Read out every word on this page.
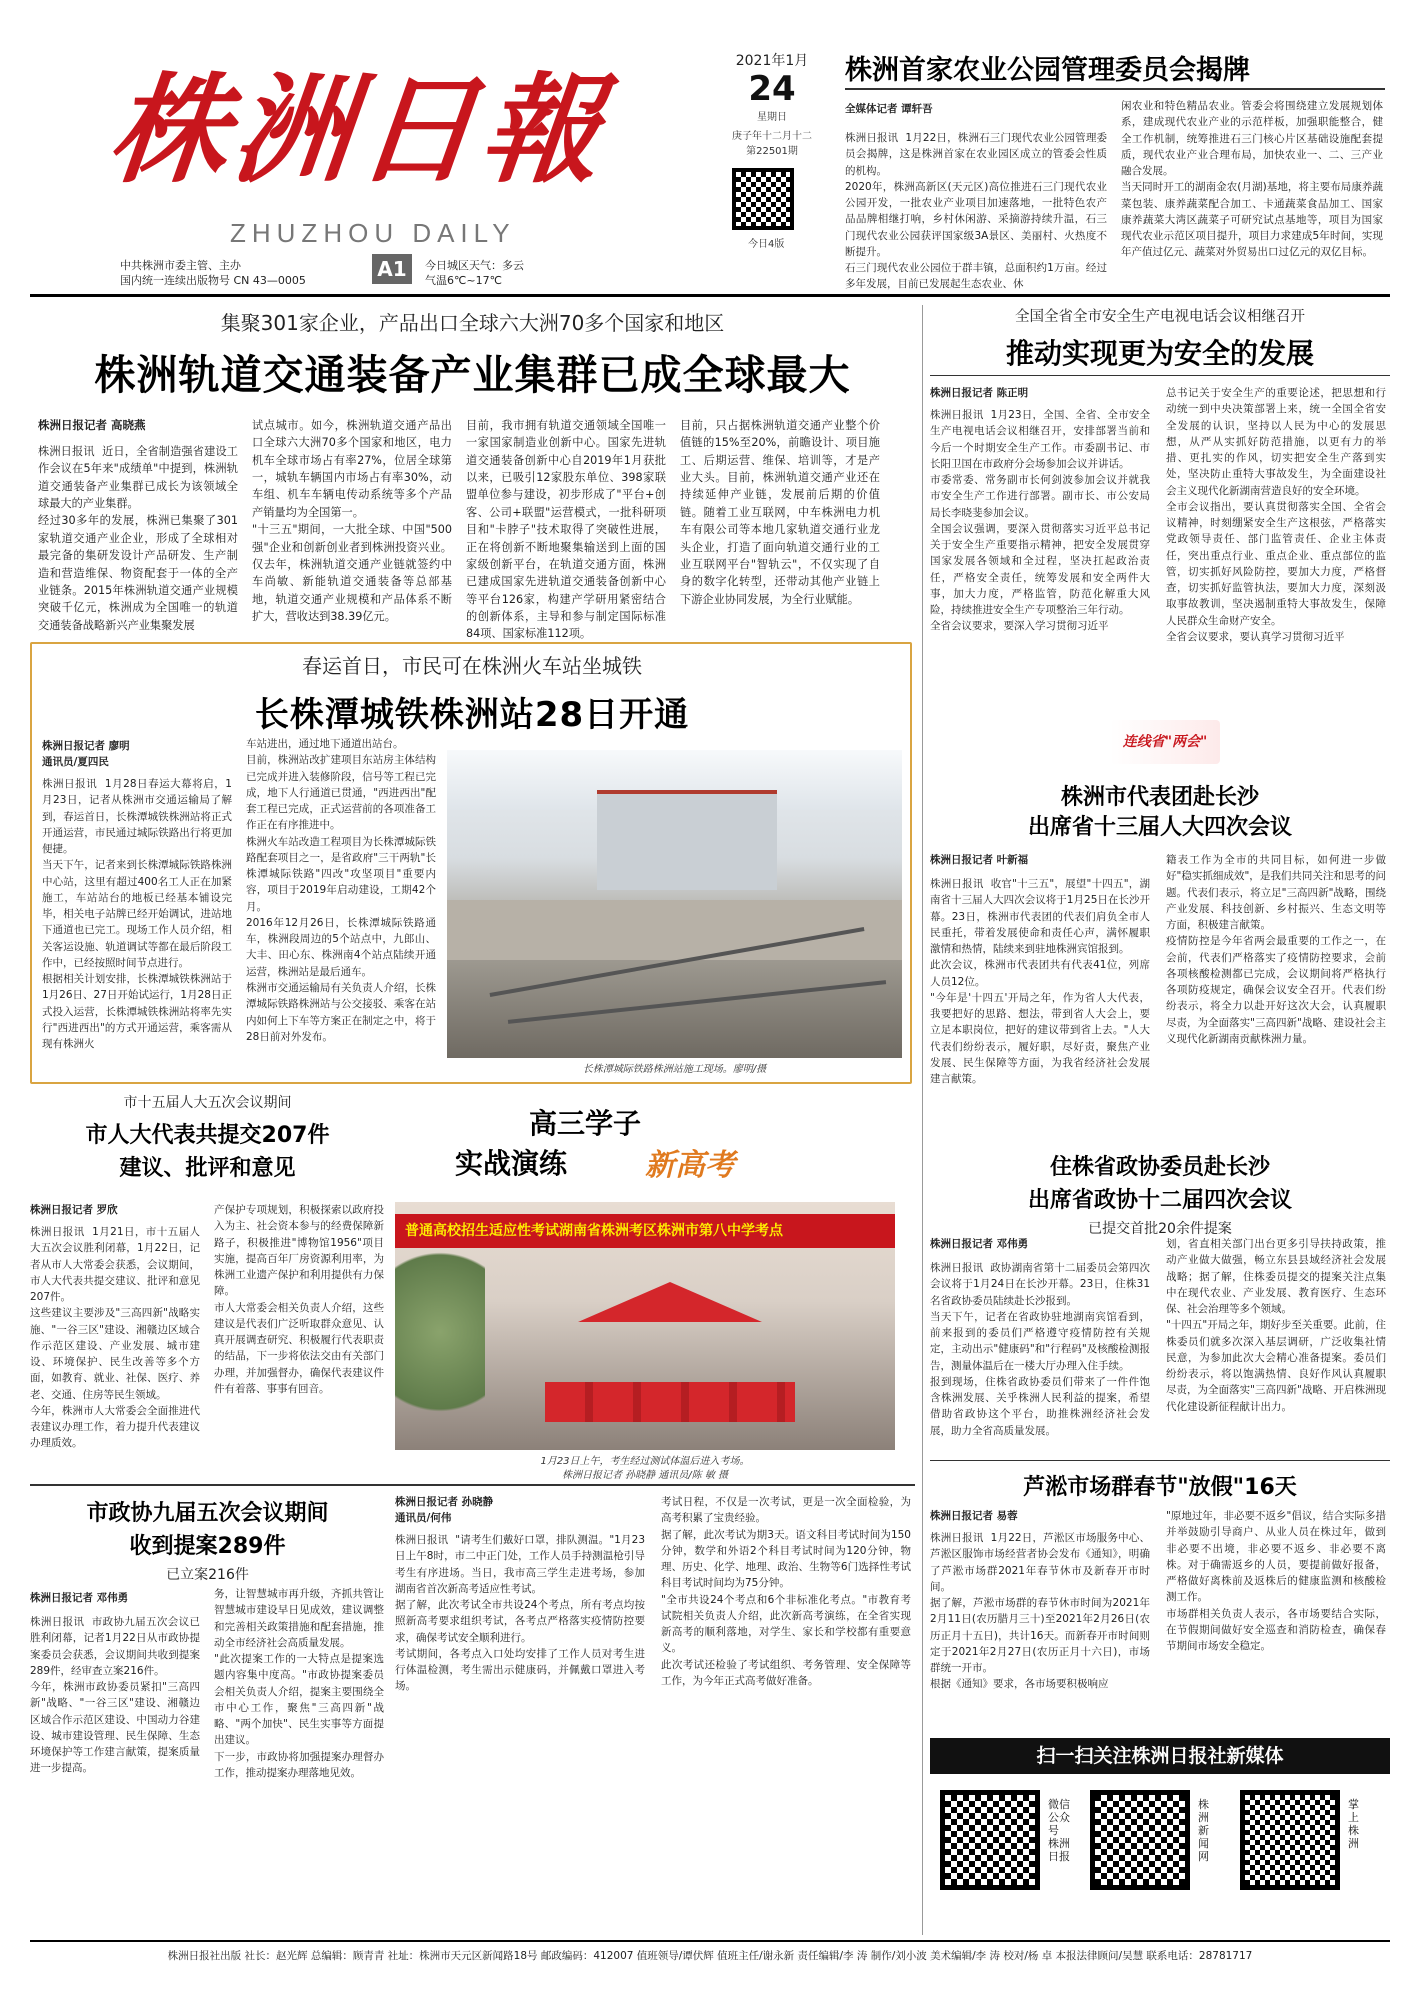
株洲日報
ZHUZHOU DAILY
中共株洲市委主管、主办
国内统一连续出版物号 CN 43—0005	A1	今日城区天气：多云
气温6℃~17℃
2021年1月
24
星期日
庚子年十二月十二
第22501期
今日4版
株洲首家农业公园管理委员会揭牌
全媒体记者 谭轩吾
株洲日报讯  1月22日，株洲石三门现代农业公园管理委员会揭牌，这是株洲首家在农业园区成立的管委会性质的机构。
2020年，株洲高新区(天元区)高位推进石三门现代农业公园开发，一批农业产业项目加速落地，一批特色农产品品牌相继打响，乡村休闲游、采摘游持续升温，石三门现代农业公园获评国家级3A景区、美丽村、火热度不断提升。
石三门现代农业公园位于群丰镇，总面积约1万亩。经过多年发展，目前已发展起生态农业、休
闲农业和特色精品农业。管委会将围绕建立发展规划体系，建成现代农业产业的示范样板，加强职能整合，健全工作机制，统筹推进石三门核心片区基础设施配套提质，现代农业产业合理布局，加快农业一、二、三产业融合发展。
当天同时开工的湖南金农(月湖)基地，将主要布局康养蔬菜包装、康养蔬菜配合加工、卡通蔬菜食品加工、国家康养蔬菜大湾区蔬菜子可研究试点基地等，项目为国家现代农业示范区项目提升，项目力求建成5年时间，实现年产值过亿元、蔬菜对外贸易出口过亿元的双亿目标。
集聚301家企业，产品出口全球六大洲70多个国家和地区
株洲轨道交通装备产业集群已成全球最大
株洲日报记者 高晓燕
株洲日报讯  近日，全省制造强省建设工作会议在5年来"成绩单"中提到，株洲轨道交通装备产业集群已成长为该领域全球最大的产业集群。
经过30多年的发展，株洲已集聚了301家轨道交通产业企业，形成了全球相对最完备的集研发设计产品研发、生产制造和营造维保、物资配套于一体的全产业链条。2015年株洲轨道交通产业规模突破千亿元，株洲成为全国唯一的轨道交通装备战略新兴产业集聚发展
试点城市。如今，株洲轨道交通产品出口全球六大洲70多个国家和地区，电力机车全球市场占有率27%，位居全球第一，城轨车辆国内市场占有率30%，动车组、机车车辆电传动系统等多个产品产销量均为全国第一。
"十三五"期间，一大批全球、中国"500强"企业和创新创业者到株洲投资兴业。仅去年，株洲轨道交通产业链就签约中车尚敏、新能轨道交通装备等总部基地，轨道交通产业规模和产品体系不断扩大，营收达到38.39亿元。
目前，我市拥有轨道交通领域全国唯一一家国家制造业创新中心。国家先进轨道交通装备创新中心自2019年1月获批以来，已吸引12家股东单位、398家联盟单位参与建设，初步形成了"平台+创客、公司+联盟"运营模式，一批科研项目和"卡脖子"技术取得了突破性进展，正在将创新不断地聚集输送到上面的国家级创新平台，在轨道交通方面，株洲已建成国家先进轨道交通装备创新中心等平台126家，构建产学研用紧密结合的创新体系，主导和参与制定国际标准84项、国家标准112项。
目前，只占据株洲轨道交通产业整个价值链的15%至20%，前瞻设计、项目施工、后期运营、维保、培训等，才是产业大头。目前，株洲轨道交通产业还在持续延伸产业链，发展前后期的价值链。随着工业互联网，中车株洲电力机车有限公司等本地几家轨道交通行业龙头企业，打造了面向轨道交通行业的工业互联网平台"智轨云"，不仅实现了自身的数字化转型，还带动其他产业链上下游企业协同发展，为全行业赋能。
全国全省全市安全生产电视电话会议相继召开
推动实现更为安全的发展
株洲日报记者 陈正明
株洲日报讯  1月23日，全国、全省、全市安全生产电视电话会议相继召开，安排部署当前和今后一个时期安全生产工作。市委副书记、市长阳卫国在市政府分会场参加会议并讲话。
市委常委、常务副市长何剑波参加会议并就我市安全生产工作进行部署。副市长、市公安局局长李晓斐参加会议。
全国会议强调，要深入贯彻落实习近平总书记关于安全生产重要指示精神，把安全发展贯穿国家发展各领域和全过程，坚决扛起政治责任，严格安全责任，统筹发展和安全两件大事，加大力度，严格监管，防范化解重大风险，持续推进安全生产专项整治三年行动。
全省会议要求，要深入学习贯彻习近平
总书记关于安全生产的重要论述，把思想和行动统一到中央决策部署上来，统一全国全省安全发展的认识，坚持以人民为中心的发展思想，从严从实抓好防范措施，以更有力的举措、更扎实的作风，切实把安全生产落到实处，坚决防止重特大事故发生，为全面建设社会主义现代化新湖南营造良好的安全环境。
全市会议指出，要认真贯彻落实全国、全省会议精神，时刻绷紧安全生产这根弦，严格落实党政领导责任、部门监管责任、企业主体责任，突出重点行业、重点企业、重点部位的监管，切实抓好风险防控，要加大力度，严格督查，切实抓好监管执法，要加大力度，深刻汲取事故教训，坚决遏制重特大事故发生，保障人民群众生命财产安全。
全省会议要求，要认真学习贯彻习近平
春运首日，市民可在株洲火车站坐城铁
长株潭城铁株洲站28日开通
株洲日报记者 廖明
通讯员/夏四民
株洲日报讯  1月28日春运大幕将启，1月23日，记者从株洲市交通运输局了解到，春运首日，长株潭城铁株洲站将正式开通运营，市民通过城际铁路出行将更加便捷。
当天下午，记者来到长株潭城际铁路株洲中心站，这里有超过400名工人正在加紧施工，车站站台的地板已经基本铺设完毕，相关电子站牌已经开始调试，进站地下通道也已完工。现场工作人员介绍，相关客运设施、轨道调试等都在最后阶段工作中，已经按照时间节点进行。
根据相关计划安排，长株潭城铁株洲站于1月26日、27日开始试运行，1月28日正式投入运营，长株潭城铁株洲站将率先实行"西进西出"的方式开通运营，乘客需从现有株洲火
车站进出，通过地下通道出站台。
目前，株洲站改扩建项目东站房主体结构已完成并进入装修阶段，信号等工程已完成，地下人行通道已贯通，"西进西出"配套工程已完成，正式运营前的各项准备工作正在有序推进中。
株洲火车站改造工程项目为长株潭城际铁路配套项目之一，是省政府"三干两轨"长株潭城际铁路"四改"攻坚项目"重要内容，项目于2019年启动建设，工期42个月。
2016年12月26日，长株潭城际铁路通车，株洲段周边的5个站点中，九郎山、大丰、田心东、株洲南4个站点陆续开通运营，株洲站是最后通车。
株洲市交通运输局有关负责人介绍，长株潭城际铁路株洲站与公交接驳、乘客在站内如何上下车等方案正在制定之中，将于28日前对外发布。
长株潭城际铁路株洲站施工现场。廖明/摄
连线省"两会"
株洲市代表团赴长沙
出席省十三届人大四次会议
株洲日报记者 叶新福
株洲日报讯  收官"十三五"，展望"十四五"，湖南省十三届人大四次会议将于1月25日在长沙开幕。23日，株洲市代表团的代表们肩负全市人民重托，带着发展使命和责任心声，满怀履职激情和热情，陆续来到驻地株洲宾馆报到。
此次会议，株洲市代表团共有代表41位，列席人员12位。
"今年是'十四五'开局之年，作为省人大代表，我要把好的思路、想法，带到省人大会上，要立足本职岗位，把好的建议带到省上去。"人大代表们纷纷表示，履好职，尽好责，聚焦产业发展、民生保障等方面，为我省经济社会发展建言献策。
籍表工作为全市的共同目标，如何进一步做好"稳实抓细成效"，是我们共同关注和思考的问题。代表们表示，将立足"三高四新"战略，围绕产业发展、科技创新、乡村振兴、生态文明等方面，积极建言献策。
疫情防控是今年省两会最重要的工作之一，在会前，代表们严格落实了疫情防控要求，会前各项核酸检测都已完成，会议期间将严格执行各项防疫规定，确保会议安全召开。代表们纷纷表示，将全力以赴开好这次大会，认真履职尽责，为全面落实"三高四新"战略、建设社会主义现代化新湖南贡献株洲力量。
市十五届人大五次会议期间
市人大代表共提交207件
建议、批评和意见
株洲日报记者 罗欣
株洲日报讯  1月21日，市十五届人大五次会议胜利闭幕，1月22日，记者从市人大常委会获悉，会议期间，市人大代表共提交建议、批评和意见207件。
这些建议主要涉及"三高四新"战略实施、"一谷三区"建设、湘赣边区域合作示范区建设、产业发展、城市建设、环境保护、民生改善等多个方面，如教育、就业、社保、医疗、养老、交通、住房等民生领域。
今年，株洲市人大常委会全面推进代表建议办理工作，着力提升代表建议办理质效。
产保护专项规划，积极探索以政府投入为主、社会资本参与的经费保障新路子，积极推进"博物馆1956"项目实施，提高百年厂房资源利用率，为株洲工业遗产保护和利用提供有力保障。
市人大常委会相关负责人介绍，这些建议是代表们广泛听取群众意见、认真开展调查研究、积极履行代表职责的结晶，下一步将依法交由有关部门办理，并加强督办，确保代表建议件件有着落、事事有回音。
高三学子
实战演练	新高考
普通高校招生适应性考试湖南省株洲考区株洲市第八中学考点
1月23日上午，考生经过测试体温后进入考场。
株洲日报记者 孙晓静 通讯员/陈 敏 摄
住株省政协委员赴长沙
出席省政协十二届四次会议
已提交首批20余件提案
株洲日报记者 邓伟勇
株洲日报讯  政协湖南省第十二届委员会第四次会议将于1月24日在长沙开幕。23日，住株31名省政协委员陆续赴长沙报到。
当天下午，记者在省政协驻地湖南宾馆看到，前来报到的委员们严格遵守疫情防控有关规定，主动出示"健康码"和"行程码"及核酸检测报告，测量体温后在一楼大厅办理入住手续。
报到现场，住株省政协委员们带来了一件件饱含株洲发展、关乎株洲人民利益的提案，希望借助省政协这个平台，助推株洲经济社会发展，助力全省高质量发展。
划，省直相关部门出台更多引导扶持政策，推动产业做大做强，畅立东县县域经济社会发展战略；据了解，住株委员提交的提案关注点集中在现代农业、产业发展、教育医疗、生态环保、社会治理等多个领域。
"十四五"开局之年，期好步至关重要。此前，住株委员们就多次深入基层调研，广泛收集社情民意，为参加此次大会精心准备提案。委员们纷纷表示，将以饱满热情、良好作风认真履职尽责，为全面落实"三高四新"战略、开启株洲现代化建设新征程献计出力。
市政协九届五次会议期间
收到提案289件
已立案216件
株洲日报记者 邓伟勇
株洲日报讯  市政协九届五次会议已胜利闭幕，记者1月22日从市政协提案委员会获悉，会议期间共收到提案289件，经审查立案216件。
今年，株洲市政协委员紧扣"三高四新"战略、"一谷三区"建设、湘赣边区域合作示范区建设、中国动力谷建设、城市建设管理、民生保障、生态环境保护等工作建言献策，提案质量进一步提高。
务，让智慧城市再升级，齐抓共管让智慧城市建设早日见成效，建议调整和完善相关政策措施和配套措施，推动全市经济社会高质量发展。
"此次提案工作的一大特点是提案选题内容集中度高。"市政协提案委员会相关负责人介绍，提案主要围绕全市中心工作，聚焦"三高四新"战略、"两个加快"、民生实事等方面提出建议。
下一步，市政协将加强提案办理督办工作，推动提案办理落地见效。
株洲日报记者 孙晓静
通讯员/何伟
株洲日报讯  "请考生们戴好口罩，排队测温。"1月23日上午8时，市二中正门处，工作人员手持测温枪引导考生有序进场。当日，我市高三学生走进考场，参加湖南省首次新高考适应性考试。
据了解，此次考试全市共设24个考点，所有考点均按照新高考要求组织考试，各考点严格落实疫情防控要求，确保考试安全顺利进行。
考试期间，各考点入口处均安排了工作人员对考生进行体温检测，考生需出示健康码，并佩戴口罩进入考场。
考试日程，不仅是一次考试，更是一次全面检验，为高考积累了宝贵经验。
据了解，此次考试为期3天。语文科目考试时间为150分钟，数学和外语2个科目考试时间为120分钟，物理、历史、化学、地理、政治、生物等6门选择性考试科目考试时间均为75分钟。
"全市共设24个考点和6个非标准化考点。"市教育考试院相关负责人介绍，此次新高考演练，在全省实现新高考的顺利落地，对学生、家长和学校都有重要意义。
此次考试还检验了考试组织、考务管理、安全保障等工作，为今年正式高考做好准备。
芦淞市场群春节"放假"16天
株洲日报记者 易蓉
株洲日报讯  1月22日，芦淞区市场服务中心、芦淞区服饰市场经营者协会发布《通知》，明确了芦淞市场群2021年春节休市及新春开市时间。
据了解，芦淞市场群的春节休市时间为2021年2月11日(农历腊月三十)至2021年2月26日(农历正月十五日)，共计16天。而新春开市时间则定于2021年2月27日(农历正月十六日)，市场群统一开市。
根据《通知》要求，各市场要积极响应
"原地过年，非必要不返乡"倡议，结合实际多措并举鼓励引导商户、从业人员在株过年，做到非必要不出境，非必要不返乡、非必要不离株。对于确需返乡的人员，要提前做好报备，严格做好离株前及返株后的健康监测和核酸检测工作。
市场群相关负责人表示，各市场要结合实际，在节假期间做好安全巡查和消防检查，确保春节期间市场安全稳定。
扫一扫关注株洲日报社新媒体
微信公众号
株洲日报
株洲新闻网
掌上株洲
株洲日报社出版 社长：赵光辉 总编辑：顾青青 社址：株洲市天元区新闻路18号 邮政编码：412007 值班领导/谭伏辉 值班主任/谢永新 责任编辑/李 涛 制作/刘小波 美术编辑/李 涛 校对/杨 卓 本报法律顾问/吴慧 联系电话：28781717
